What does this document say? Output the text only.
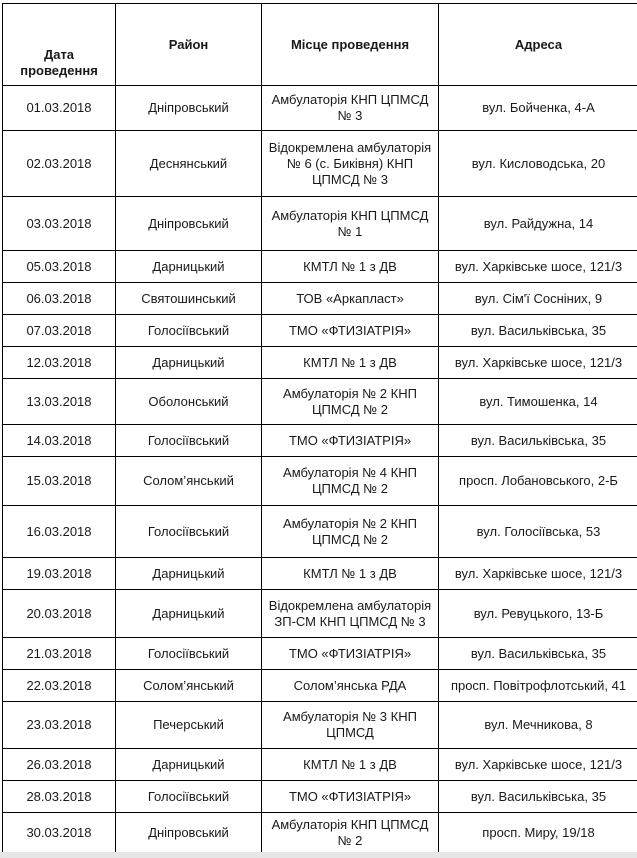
Дата проведення	Район	Місце проведення	Адреса
01.03.2018	Дніпровський	Амбулаторія КНП ЦПМСД № 3	вул. Бойченка, 4-А
02.03.2018	Деснянський	Відокремлена амбулаторія № 6 (с. Биківня) КНП ЦПМСД № 3	вул. Кисловодська, 20
03.03.2018	Дніпровський	Амбулаторія КНП ЦПМСД № 1	вул. Райдужна, 14
05.03.2018	Дарницький	КМТЛ № 1 з ДВ	вул. Харківське шосе, 121/3
06.03.2018	Святошинський	ТОВ «Аркапласт»	вул. Сім'ї Сосніних, 9
07.03.2018	Голосіївський	ТМО «ФТИЗІАТРІЯ»	вул. Васильківська, 35
12.03.2018	Дарницький	КМТЛ № 1 з ДВ	вул. Харківське шосе, 121/3
13.03.2018	Оболонський	Амбулаторія № 2 КНП ЦПМСД № 2	вул. Тимошенка, 14
14.03.2018	Голосіївський	ТМО «ФТИЗІАТРІЯ»	вул. Васильківська, 35
15.03.2018	Солом’янський	Амбулаторія № 4 КНП ЦПМСД № 2	просп. Лобановського, 2-Б
16.03.2018	Голосіївський	Амбулаторія № 2 КНП ЦПМСД № 2	вул. Голосіївська, 53
19.03.2018	Дарницький	КМТЛ № 1 з ДВ	вул. Харківське шосе, 121/3
20.03.2018	Дарницький	Відокремлена амбулаторія ЗП-СМ КНП ЦПМСД № 3	вул. Ревуцького, 13-Б
21.03.2018	Голосіївський	ТМО «ФТИЗІАТРІЯ»	вул. Васильківська, 35
22.03.2018	Солом’янський	Солом’янська РДА	просп. Повітрофлотський, 41
23.03.2018	Печерський	Амбулаторія № 3 КНП ЦПМСД	вул. Мечникова, 8
26.03.2018	Дарницький	КМТЛ № 1 з ДВ	вул. Харківське шосе, 121/3
28.03.2018	Голосіївський	ТМО «ФТИЗІАТРІЯ»	вул. Васильківська, 35
30.03.2018	Дніпровський	Амбулаторія КНП ЦПМСД № 2	просп. Миру, 19/18
